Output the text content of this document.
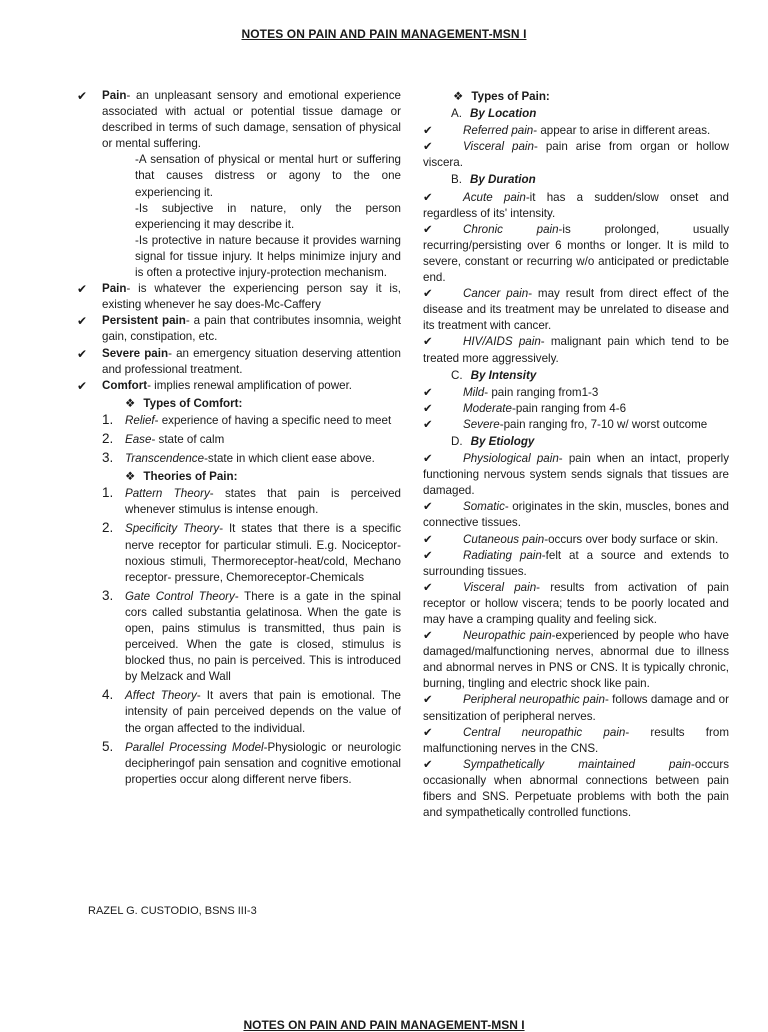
NOTES ON PAIN AND PAIN MANAGEMENT-MSN I

✔ Pain- an unpleasant sensory and emotional experience associated with actual or potential tissue damage or described in terms of such damage, sensation of physical or mental suffering.

-A sensation of physical or mental hurt or suffering that causes distress or agony to the one experiencing it.

-Is subjective in nature, only the person experiencing it may describe it.

-Is protective in nature because it provides warning signal for tissue injury. It helps minimize injury and is often a protective injury-protection mechanism.

✔ Pain- is whatever the experiencing person say it is, existing whenever he say does-Mc-Caffery

✔ Persistent pain- a pain that contributes insomnia, weight gain, constipation, etc.

✔ Severe pain- an emergency situation deserving attention and professional treatment.

✔ Comfort- implies renewal amplification of power.

❖ Types of Comfort:

1. Relief- experience of having a specific need to meet

2. Ease- state of calm

3. Transcendence-state in which client ease above.

❖ Theories of Pain:

1. Pattern Theory- states that pain is perceived whenever stimulus is intense enough.

2. Specificity Theory- It states that there is a specific nerve receptor for particular stimuli. E.g. Nociceptor-noxious stimuli, Thermoreceptor-heat/cold, Mechano receptor- pressure, Chemoreceptor-Chemicals

3. Gate Control Theory- There is a gate in the spinal cors called substantia gelatinosa. When the gate is open, pains stimulus is transmitted, thus pain is perceived. When the gate is closed, stimulus is blocked thus, no pain is perceived. This is introduced by Melzack and Wall

4. Affect Theory- It avers that pain is emotional. The intensity of pain perceived depends on the value of the organ affected to the individual.

5. Parallel Processing Model-Physiologic or neurologic decipheringof pain sensation and cognitive emotional properties occur along different nerve fibers.

❖ Types of Pain:

A. By Location

✔	Referred pain- appear to arise in different areas.

✔	Visceral pain- pain arise from organ or hollow viscera.

B. By Duration

✔	Acute pain-it has a sudden/slow onset and regardless of its' intensity.

✔	Chronic pain-is prolonged, usually recurring/persisting over 6 months or longer. It is mild to severe, constant or recurring w/o anticipated or predictable end.

✔	Cancer pain- may result from direct effect of the disease and its treatment may be unrelated to disease and its treatment with cancer.

✔	HIV/AIDS pain- malignant pain which tend to be treated more aggressively.

C. By Intensity

✔	Mild- pain ranging from1-3

✔	Moderate-pain ranging from 4-6

✔	Severe-pain ranging fro, 7-10 w/ worst outcome

D. By Etiology

✔	Physiological pain- pain when an intact, properly functioning nervous system sends signals that tissues are damaged.

✔	Somatic- originates in the skin, muscles, bones and connective tissues.

✔	Cutaneous pain-occurs over body surface or skin.

✔	Radiating pain-felt at a source and extends to surrounding tissues.

✔	Visceral pain- results from activation of pain receptor or hollow viscera; tends to be poorly located and may have a cramping quality and feeling sick.

✔	Neuropathic pain-experienced by people who have damaged/malfunctioning nerves, abnormal due to illness and abnormal nerves in PNS or CNS. It is typically chronic, burning, tingling and electric shock like pain.

✔	Peripheral neuropathic pain- follows damage and or sensitization of peripheral nerves.

✔	Central neuropathic pain- results from malfunctioning nerves in the CNS.

✔	Sympathetically maintained pain-occurs occasionally when abnormal connections between pain fibers and SNS. Perpetuate problems with both the pain and sympathetically controlled functions.

RAZEL G. CUSTODIO, BSNS III-3
NOTES ON PAIN AND PAIN MANAGEMENT-MSN I
